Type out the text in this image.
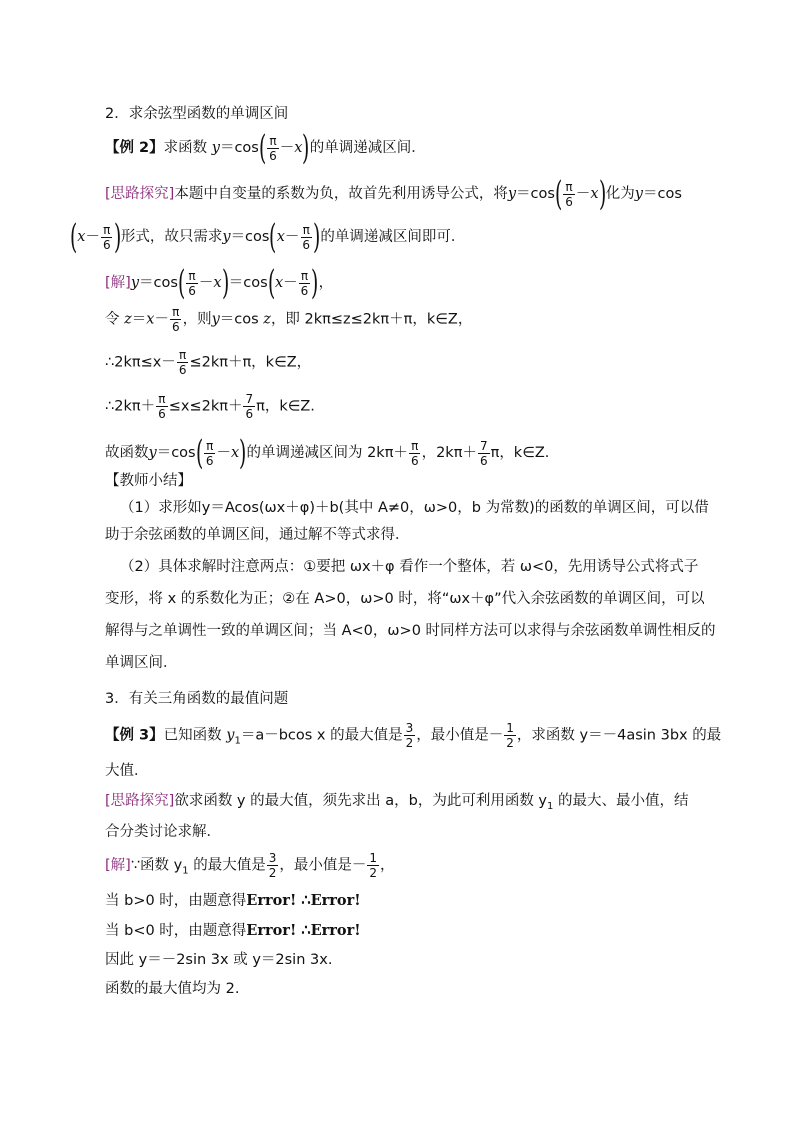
2．求余弦型函数的单调区间
【例 2】求函数 $y=\cos( \frac{\pi}{6} -x)$的单调递减区间．
[思路探究]本题中自变量的系数为负，故首先利用诱导公式，将$y=\cos( \frac{\pi}{6} -x)$化为y＝cos
($x- \frac{\pi}{6}$ )形式，故只需求$y=\cos(x- \frac{\pi}{6}$ )的单调递减区间即可．
[解]$y=\cos( \frac{\pi}{6} -x)=\cos(x- \frac{\pi}{6}$ )，
令 $z=x- \frac{\pi}{6}$ ，则y＝cos z，即 2kπ≤z≤2kπ＋π，k∈Z，
∴2kπ≤x－ $\frac{\pi}{6} \le 2k\pi+\pi$，k∈Z，
∴2kπ＋ $\frac{\pi}{6} \le x\le 2k\pi+ \frac{7}{6}$ π，k∈Z.
故函数$y=\cos( \frac{\pi}{6} -x)$的单调递减区间为 $2k\pi+ \frac{\pi}{6}$ ，$2k\pi+ \frac{7}{6}$ π，k∈Z.
【教师小结】
（1）求形如y＝Acos(ωx＋φ)＋b(其中 A≠0，ω>0，b 为常数)的函数的单调区间，可以借
助于余弦函数的单调区间，通过解不等式求得．
（2）具体求解时注意两点：①要把 ωx＋φ 看作一个整体，若 ω<0，先用诱导公式将式子
变形，将 x 的系数化为正；②在 A>0，ω>0 时，将“ωx＋φ”代入余弦函数的单调区间，可以
解得与之单调性一致的单调区间；当 A<0，ω>0 时同样方法可以求得与余弦函数单调性相反的
单调区间．
3．有关三角函数的最值问题
【例 3】已知函数 $y_1=a-bcos$ x 的最大值是 $\frac{3}{2}$ ，最小值是－ $\frac{1}{2}$ ，求函数 y＝－4asin 3bx 的最
大值．
[思路探究]欲求函数 y 的最大值，须先求出 a，b，为此可利用函数 $y_1$ 的最大、最小值，结
合分类讨论求解．
[解]∵函数 $y_1$ 的最大值是 $\frac{3}{2}$ ，最小值是－ $\frac{1}{2}$ ，
当 b>0 时，由题意得Error! ∴Error!
当 b<0 时，由题意得Error! ∴Error!
因此 y＝－2sin 3x 或 y＝2sin 3x.
函数的最大值均为 2.
